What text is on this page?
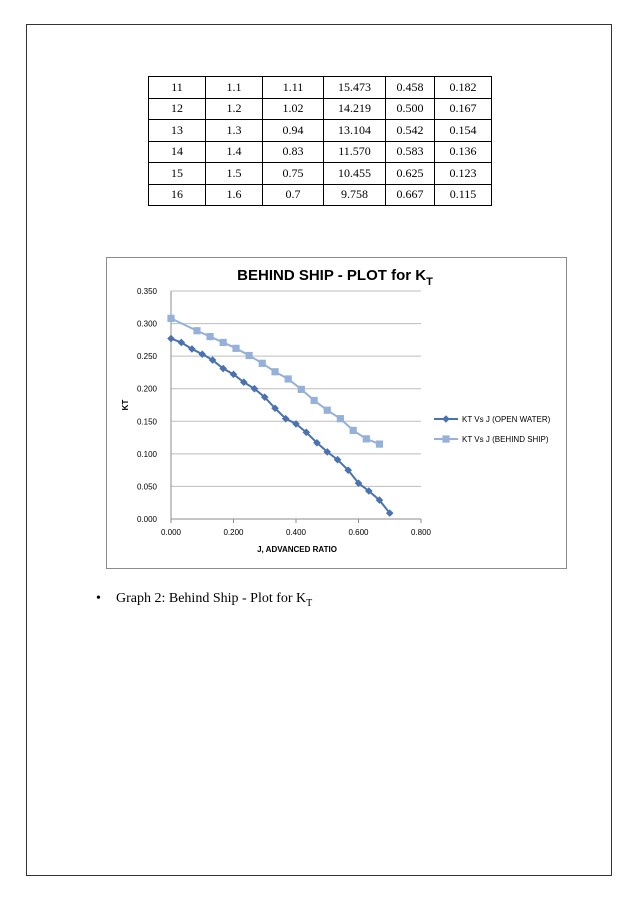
11	1.1	1.11	15.473	0.458	0.182
12	1.2	1.02	14.219	0.500	0.167
13	1.3	0.94	13.104	0.542	0.154
14	1.4	0.83	11.570	0.583	0.136
15	1.5	0.75	10.455	0.625	0.123
16	1.6	0.7	9.758	0.667	0.115
BEHIND SHIP - PLOT for $K_T$
KT
J, ADVANCED RATIO
0.000
0.050
0.100
0.150
0.200
0.250
0.300
0.350
0.000	0.200	0.400	0.600	0.800
KT Vs J (OPEN WATER)
KT Vs J (BEHIND SHIP)
• Graph 2: Behind Ship - Plot for $K_T$
